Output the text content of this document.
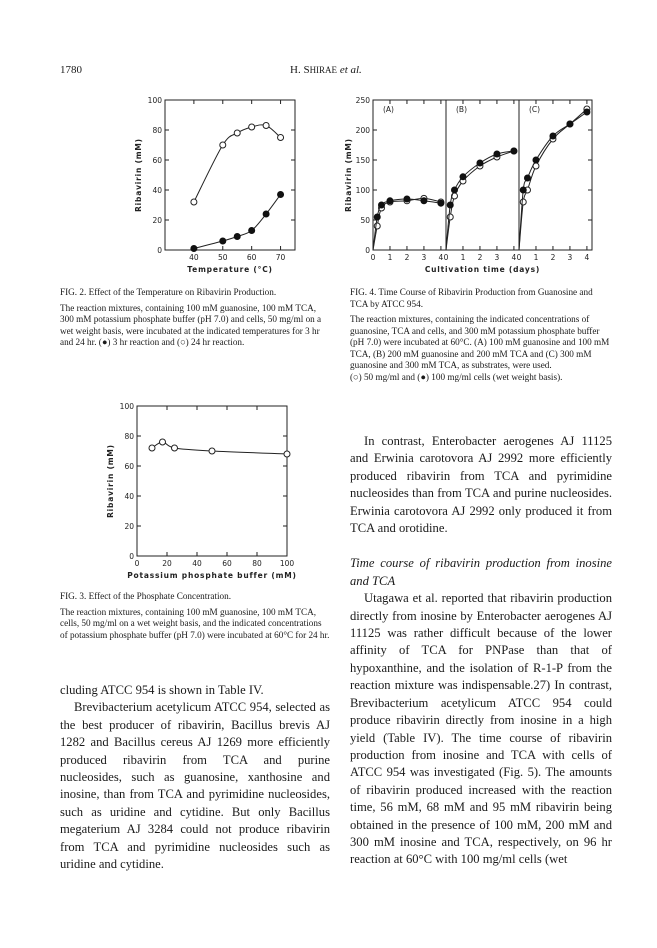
1780	H. SHIRAE et al.
0
20
40
60
80
100
40	50	60	70
Temperature (°C)
Ribavirin (mM)

FIG. 2. Effect of the Temperature on Ribavirin Production.

The reaction mixtures, containing 100 mM guanosine, 100 mM TCA, 300 mM potassium phosphate buffer (pH 7.0) and cells, 50 mg/ml on a wet weight basis, were incubated at the indicated temperatures for 3 hr and 24 hr. (●) 3 hr reaction and (○) 24 hr reaction.

0
50
100
150
200
250
(A)
0 1 2 3 4
(B)
0 1 2 3 4
(C)
0 1 2 3 4
Cultivation time (days)
Ribavirin (mM)

FIG. 4. Time Course of Ribavirin Production from Guanosine and TCA by ATCC 954.

The reaction mixtures, containing the indicated concentrations of guanosine, TCA and cells, and 300 mM potassium phosphate buffer (pH 7.0) were incubated at 60°C. (A) 100 mM guanosine and 100 mM TCA, (B) 200 mM guanosine and 200 mM TCA and (C) 300 mM guanosine and 300 mM TCA, as substrates, were used.

(○) 50 mg/ml and (●) 100 mg/ml cells (wet weight basis).

0
20
40
60
80
100
0	20	40	60	80 100
Potassium phosphate buffer (mM)
Ribavirin (mM)

FIG. 3. Effect of the Phosphate Concentration.

The reaction mixtures, containing 100 mM guanosine, 100 mM TCA, cells, 50 mg/ml on a wet weight basis, and the indicated concentrations of potassium phosphate buffer (pH 7.0) were incubated at 60°C for 24 hr.

cluding ATCC 954 is shown in Table IV.

Brevibacterium acetylicum ATCC 954, selected as the best producer of ribavirin, Bacillus brevis AJ 1282 and Bacillus cereus AJ 1269 more efficiently produced ribavirin from TCA and purine nucleosides, such as guanosine, xanthosine and inosine, than from TCA and pyrimidine nucleosides, such as uridine and cytidine. But only Bacillus megaterium AJ 3284 could not produce ribavirin from TCA and pyrimidine nucleosides such as uridine and cytidine.

In contrast, Enterobacter aerogenes AJ 11125 and Erwinia carotovora AJ 2992 more efficiently produced ribavirin from TCA and pyrimidine nucleosides than from TCA and purine nucleosides. Erwinia carotovora AJ 2992 only produced it from TCA and orotidine.

Time course of ribavirin production from inosine and TCA

Utagawa et al. reported that ribavirin production directly from inosine by Enterobacter aerogenes AJ 11125 was rather difficult because of the lower affinity of TCA for PNPase than that of hypoxanthine, and the isolation of R-1-P from the reaction mixture was indispensable.27) In contrast, Brevibacterium acetylicum ATCC 954 could produce ribavirin directly from inosine in a high yield (Table IV). The time course of ribavirin production from inosine and TCA with cells of ATCC 954 was investigated (Fig. 5). The amounts of ribavirin produced increased with the reaction time, 56 mM, 68 mM and 95 mM ribavirin being obtained in the presence of 100 mM, 200 mM and 300 mM inosine and TCA, respectively, on 96 hr reaction at 60°C with 100 mg/ml cells (wet
